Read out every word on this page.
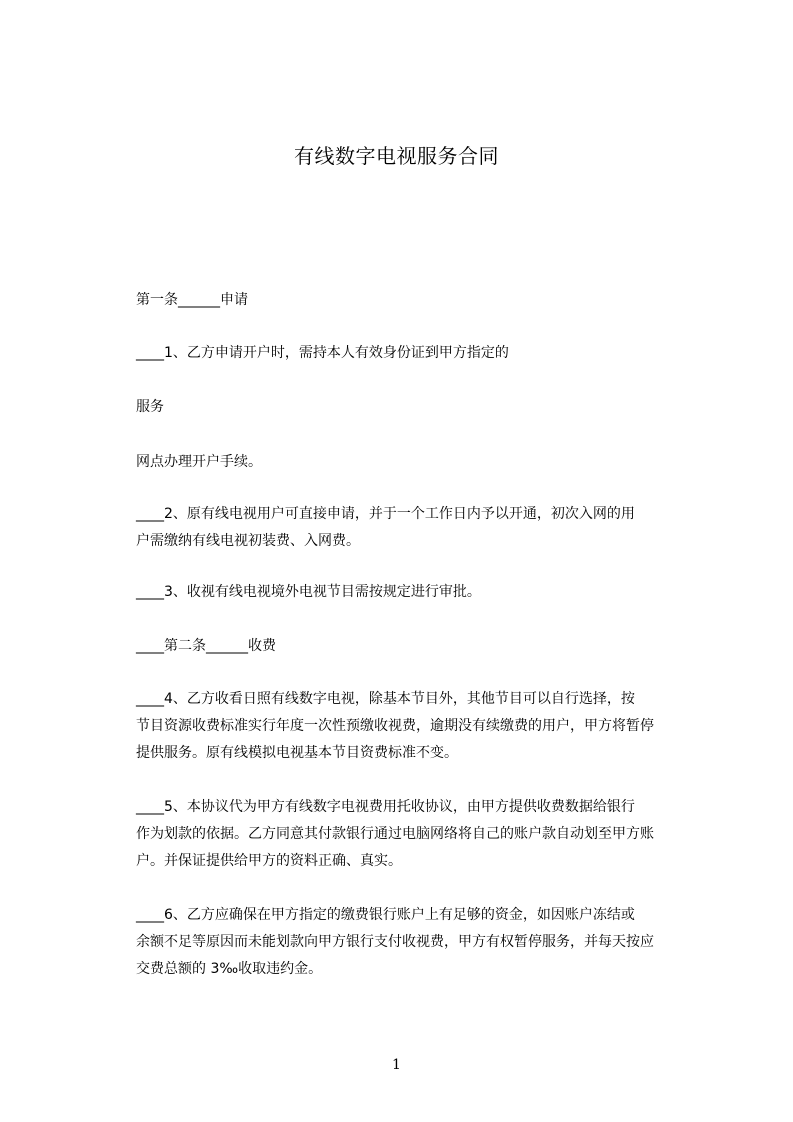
有线数字电视服务合同
第一条______申请
____1、乙方申请开户时，需持本人有效身份证到甲方指定的
服务
网点办理开户手续。
____2、原有线电视用户可直接申请，并于一个工作日内予以开通，初次入网的用
户需缴纳有线电视初装费、入网费。
____3、收视有线电视境外电视节目需按规定进行审批。
____第二条______收费
____4、乙方收看日照有线数字电视，除基本节目外，其他节目可以自行选择，按
节目资源收费标准实行年度一次性预缴收视费，逾期没有续缴费的用户，甲方将暂停
提供服务。原有线模拟电视基本节目资费标准不变。
____5、本协议代为甲方有线数字电视费用托收协议，由甲方提供收费数据给银行
作为划款的依据。乙方同意其付款银行通过电脑网络将自己的账户款自动划至甲方账
户。并保证提供给甲方的资料正确、真实。
____6、乙方应确保在甲方指定的缴费银行账户上有足够的资金，如因账户冻结或
余额不足等原因而未能划款向甲方银行支付收视费，甲方有权暂停服务，并每天按应
交费总额的 3‰收取违约金。
1
